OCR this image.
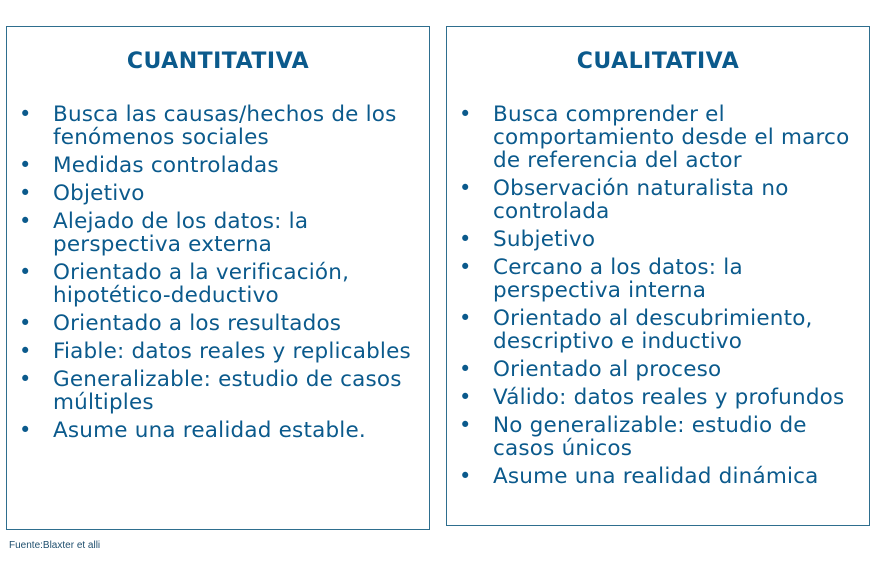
CUANTITATIVA
• Busca las causas/hechos de los fenómenos sociales
• Medidas controladas
• Objetivo
• Alejado de los datos: la perspectiva externa
• Orientado a la verificación, hipotético-deductivo
• Orientado a los resultados
• Fiable: datos reales y replicables
• Generalizable: estudio de casos múltiples
• Asume una realidad estable.
CUALITATIVA
• Busca comprender el comportamiento desde el marco de referencia del actor
• Observación naturalista no controlada
• Subjetivo
• Cercano a los datos: la perspectiva interna
• Orientado al descubrimiento, descriptivo e inductivo
• Orientado al proceso
• Válido: datos reales y profundos
• No generalizable: estudio de casos únicos
• Asume una realidad dinámica
Fuente:Blaxter et alli
